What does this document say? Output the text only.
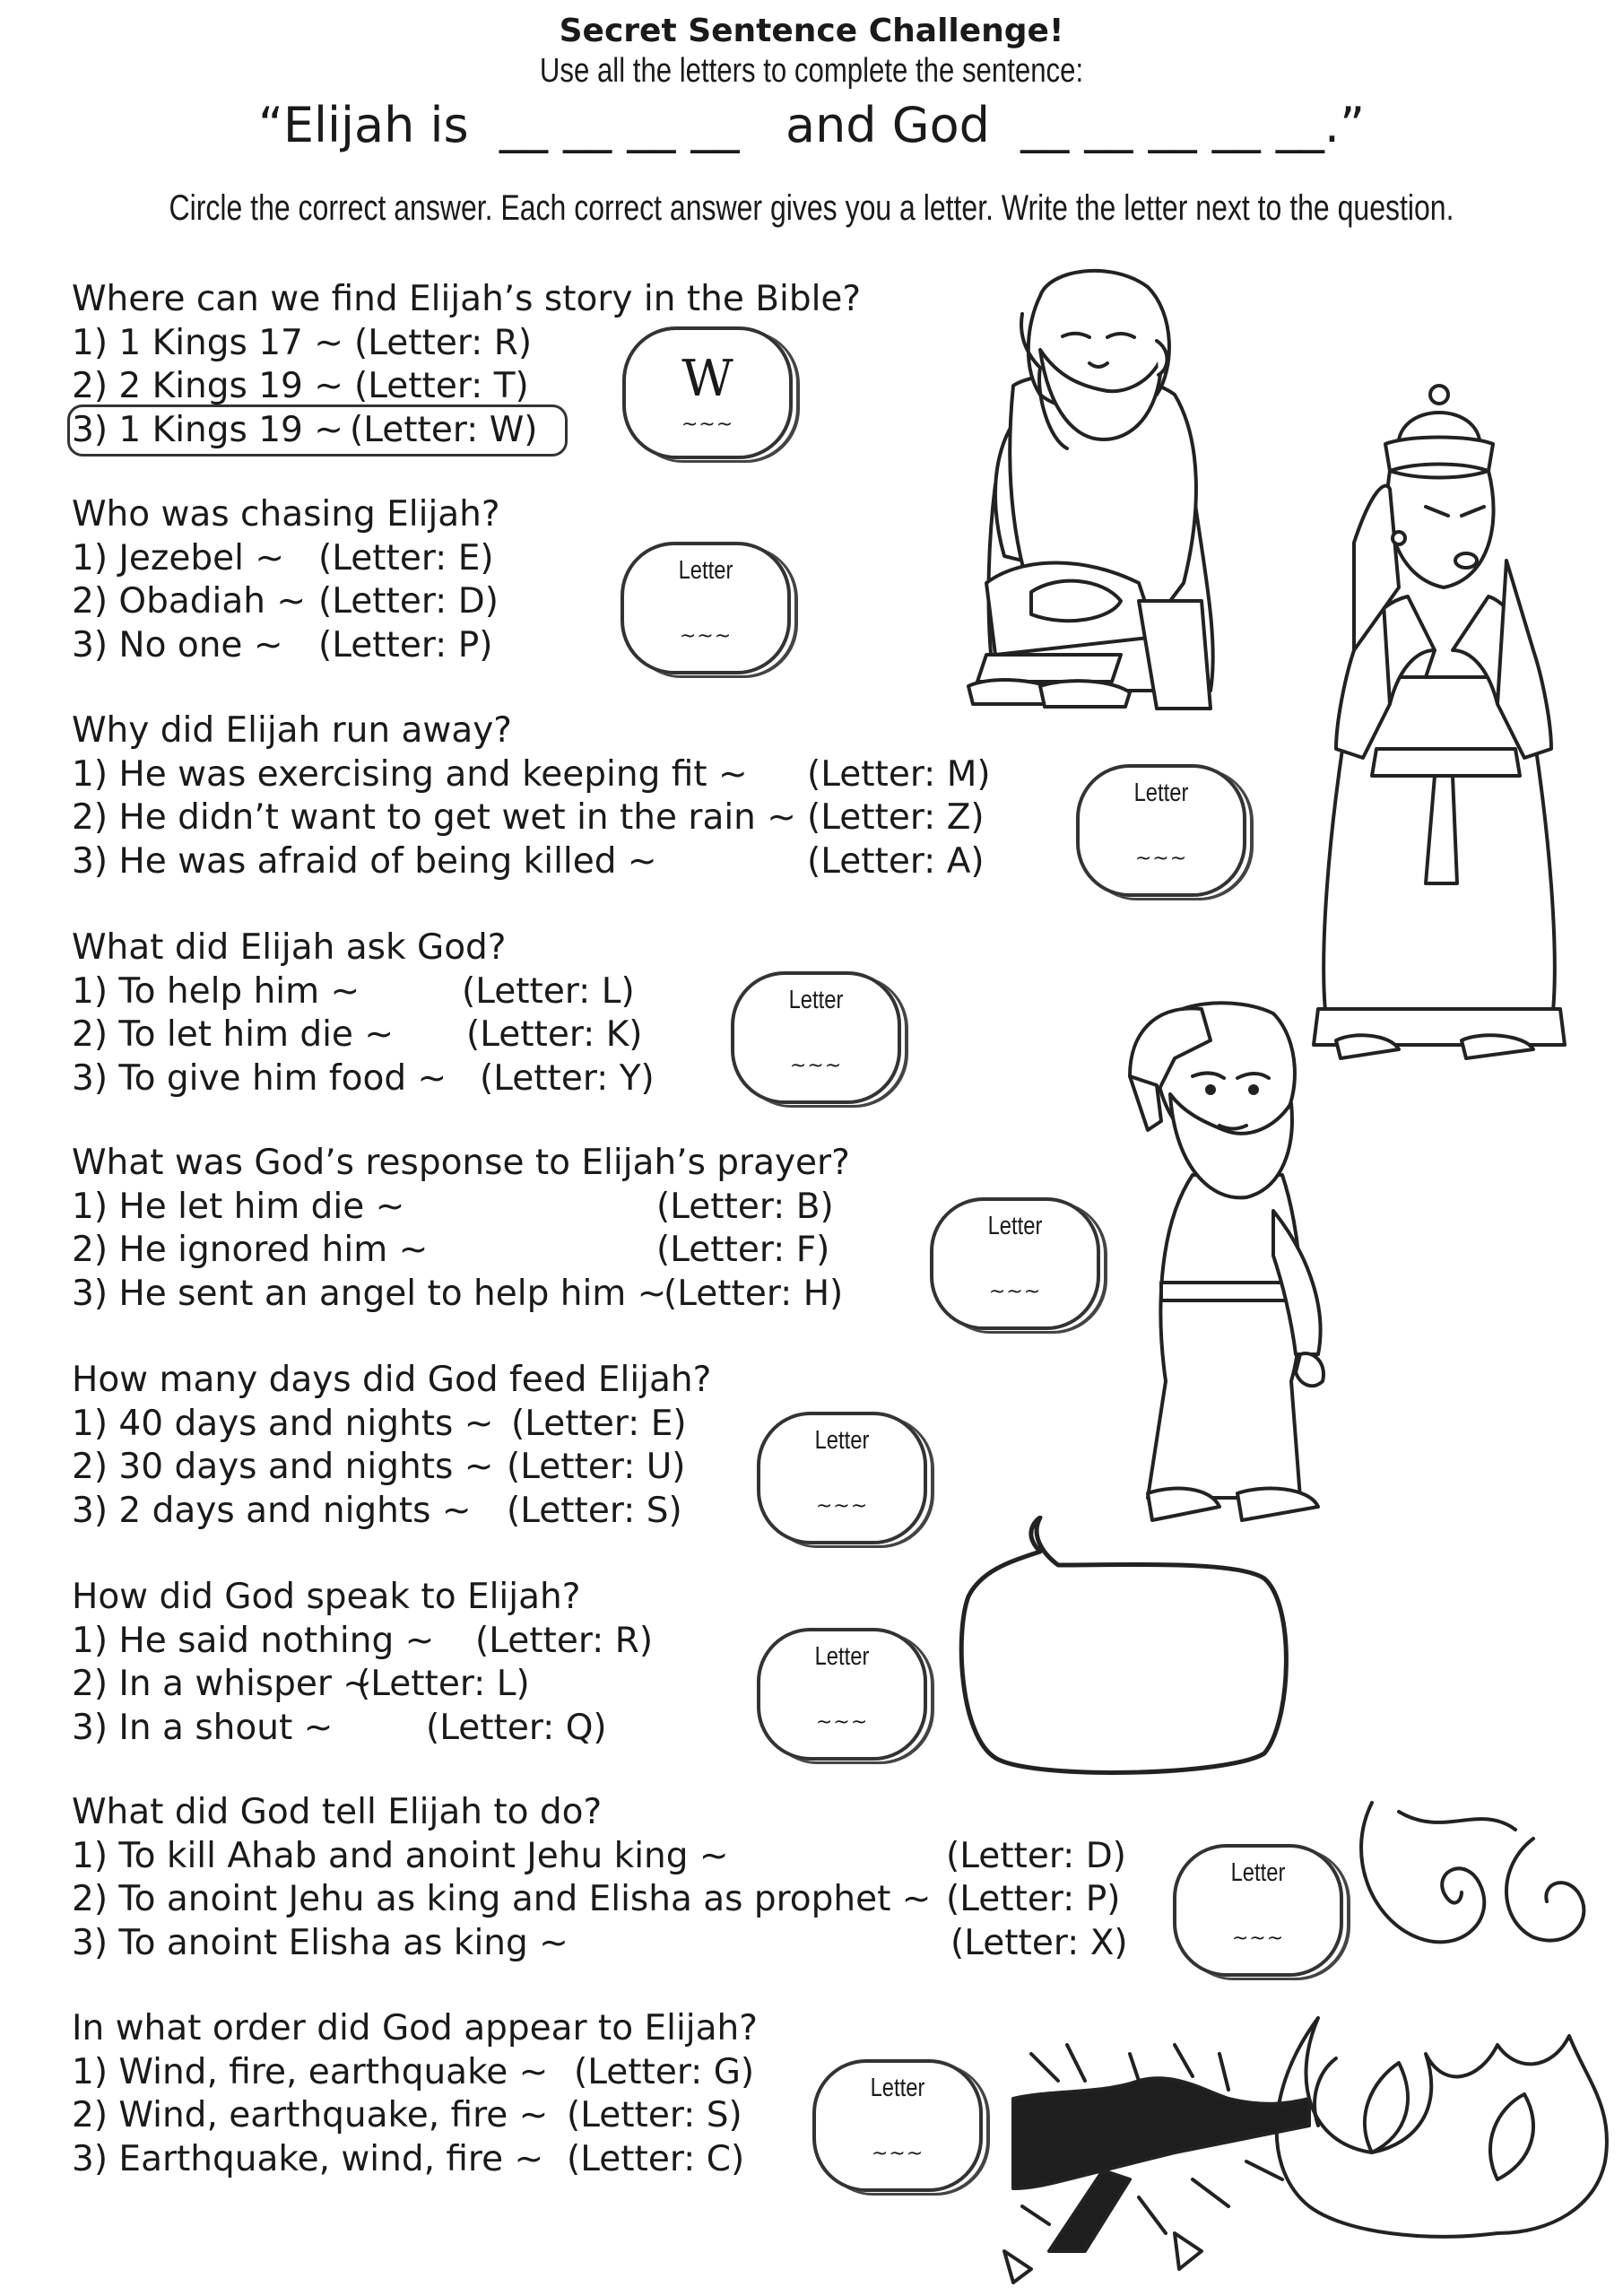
Secret Sentence Challenge!
Use all the letters to complete the sentence:
“Elijah is  __ __ __ __   and God  __ __ __ __ __.”
Circle the correct answer. Each correct answer gives you a letter. Write the letter next to the question.
Where can we find Elijah’s story in the Bible?
1) 1 Kings 17 ~ (Letter: R)
2) 2 Kings 19 ~ (Letter: T)
3) 1 Kings 19 ~ (Letter: W)
W
~~~
Who was chasing Elijah?
1) Jezebel ~ (Letter: E)
2) Obadiah ~ (Letter: D)
3) No one ~ (Letter: P)
Letter
~~~
Why did Elijah run away?
1) He was exercising and keeping fit ~ (Letter: M)
2) He didn’t want to get wet in the rain ~ (Letter: Z)
3) He was afraid of being killed ~	(Letter: A)
Letter
~~~
What did Elijah ask God?
1) To help him ~	(Letter: L)
2) To let him die ~ (Letter: K)
3) To give him food ~ (Letter: Y)
Letter
~~~
What was God’s response to Elijah’s prayer?
1) He let him die ~	(Letter: B)
2) He ignored him ~	(Letter: F)
3) He sent an angel to help him ~
(Letter: H)
Letter
~~~
How many days did God feed Elijah?
1) 40 days and nights ~ (Letter: E)
2) 30 days and nights ~ (Letter: U)
3) 2 days and nights ~ (Letter: S)
Letter
~~~
How did God speak to Elijah?
1) He said nothing ~ (Letter: R)
2) In a whisper ~
(Letter: L)
3) In a shout ~	(Letter: Q)
Letter
~~~
What did God tell Elijah to do?
1) To kill Ahab and anoint Jehu king ~	(Letter: D)
2) To anoint Jehu as king and Elisha as prophet ~ (Letter: P)
3) To anoint Elisha as king ~	(Letter: X)
Letter
~~~
In what order did God appear to Elijah?
1) Wind, fire, earthquake ~ (Letter: G)
2) Wind, earthquake, fire ~ (Letter: S)
3) Earthquake, wind, fire ~ (Letter: C)
Letter
~~~
